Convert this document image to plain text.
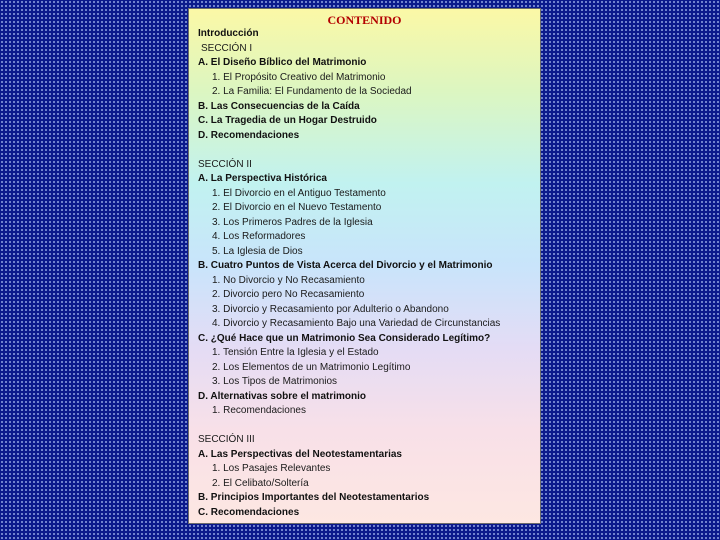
CONTENIDO
Introducción
SECCIÓN I
A. El Diseño Bíblico del Matrimonio
1. El Propósito Creativo del Matrimonio
2. La Familia: El Fundamento de la Sociedad
B. Las Consecuencias de la Caída
C. La Tragedia de un Hogar Destruido
D. Recomendaciones
SECCIÓN II
A. La Perspectiva Histórica
1. El Divorcio en el Antiguo Testamento
2. El Divorcio en el Nuevo Testamento
3. Los Primeros Padres de la Iglesia
4. Los Reformadores
5. La Iglesia de Dios
B. Cuatro Puntos de Vista Acerca del Divorcio y el Matrimonio
1. No Divorcio y No Recasamiento
2. Divorcio pero No Recasamiento
3. Divorcio y Recasamiento por Adulterio o Abandono
4. Divorcio y Recasamiento Bajo una Variedad de Circunstancias
C. ¿Qué Hace que un Matrimonio Sea Considerado Legítimo?
1. Tensión Entre la Iglesia y el Estado
2. Los Elementos de un Matrimonio Legítimo
3. Los Tipos de Matrimonios
D. Alternativas sobre el matrimonio
1. Recomendaciones
SECCIÓN III
A. Las Perspectivas del Neotestamentarias
1. Los Pasajes Relevantes
2. El Celibato/Soltería
B. Principios Importantes del Neotestamentarios
C. Recomendaciones
